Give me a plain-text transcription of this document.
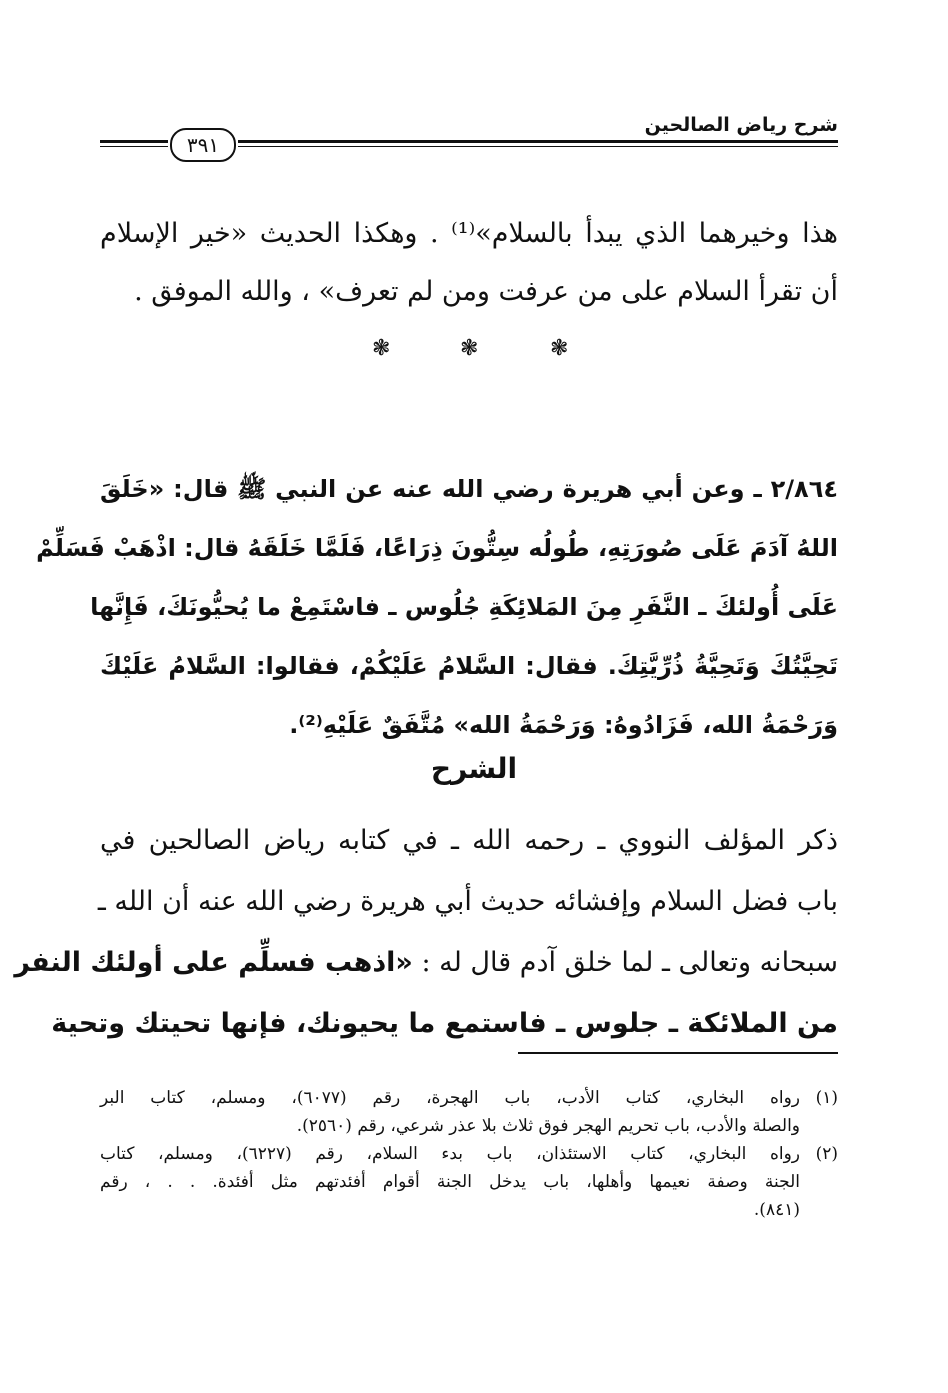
شرح رياض الصالحين
٣٩١
هذا وخيرهما الذي يبدأ بالسلام»⁽¹⁾ . وهكذا الحديث «خير الإسلام
أن تقرأ السلام على من عرفت ومن لم تعرف» ، والله الموفق .
❃	❃	❃
٢/٨٦٤ ـ وعن أبي هريرة رضي الله عنه عن النبي ﷺ قال: «خَلَقَ
اللهُ آدَمَ عَلَى صُورَتِهِ، طُولُه سِتُّونَ ذِرَاعًا، فَلَمَّا خَلَقَهُ قال: اذْهَبْ فَسَلِّمْ
عَلَى أُولئكَ ـ النَّفَرِ مِنَ المَلائِكَةِ جُلُوس ـ فاسْتَمِعْ ما يُحيُّونَكَ، فَإِنَّها
تَحِيَّتُكَ وَتَحِيَّةُ ذُرِّيَّتِكَ. فقال: السَّلامُ عَلَيْكُمْ، فقالوا: السَّلامُ عَلَيْكَ
وَرَحْمَةُ الله، فَزَادُوهُ: وَرَحْمَةُ الله» مُتَّفَقٌ عَلَيْهِ⁽²⁾.
الشرح
ذكر المؤلف النووي ـ رحمه الله ـ في كتابه رياض الصالحين في
باب فضل السلام وإفشائه حديث أبي هريرة رضي الله عنه أن الله ـ
سبحانه وتعالى ـ لما خلق آدم قال له : «اذهب فسلِّم على أولئك النفر
من الملائكة ـ جلوس ـ فاستمع ما يحيونك، فإنها تحيتك وتحية
(١)
رواه البخاري، كتاب الأدب، باب الهجرة، رقم (٦٠٧٧)، ومسلم، كتاب البر
والصلة والأدب، باب تحريم الهجر فوق ثلاث بلا عذر شرعي، رقم (٢٥٦٠).
(٢)
رواه البخاري، كتاب الاستئذان، باب بدء السلام، رقم (٦٢٢٧)، ومسلم، كتاب
الجنة وصفة نعيمها وأهلها، باب يدخل الجنة أقوام أفئدتهم مثل أفئدة. . . ، رقم
(٨٤١).
